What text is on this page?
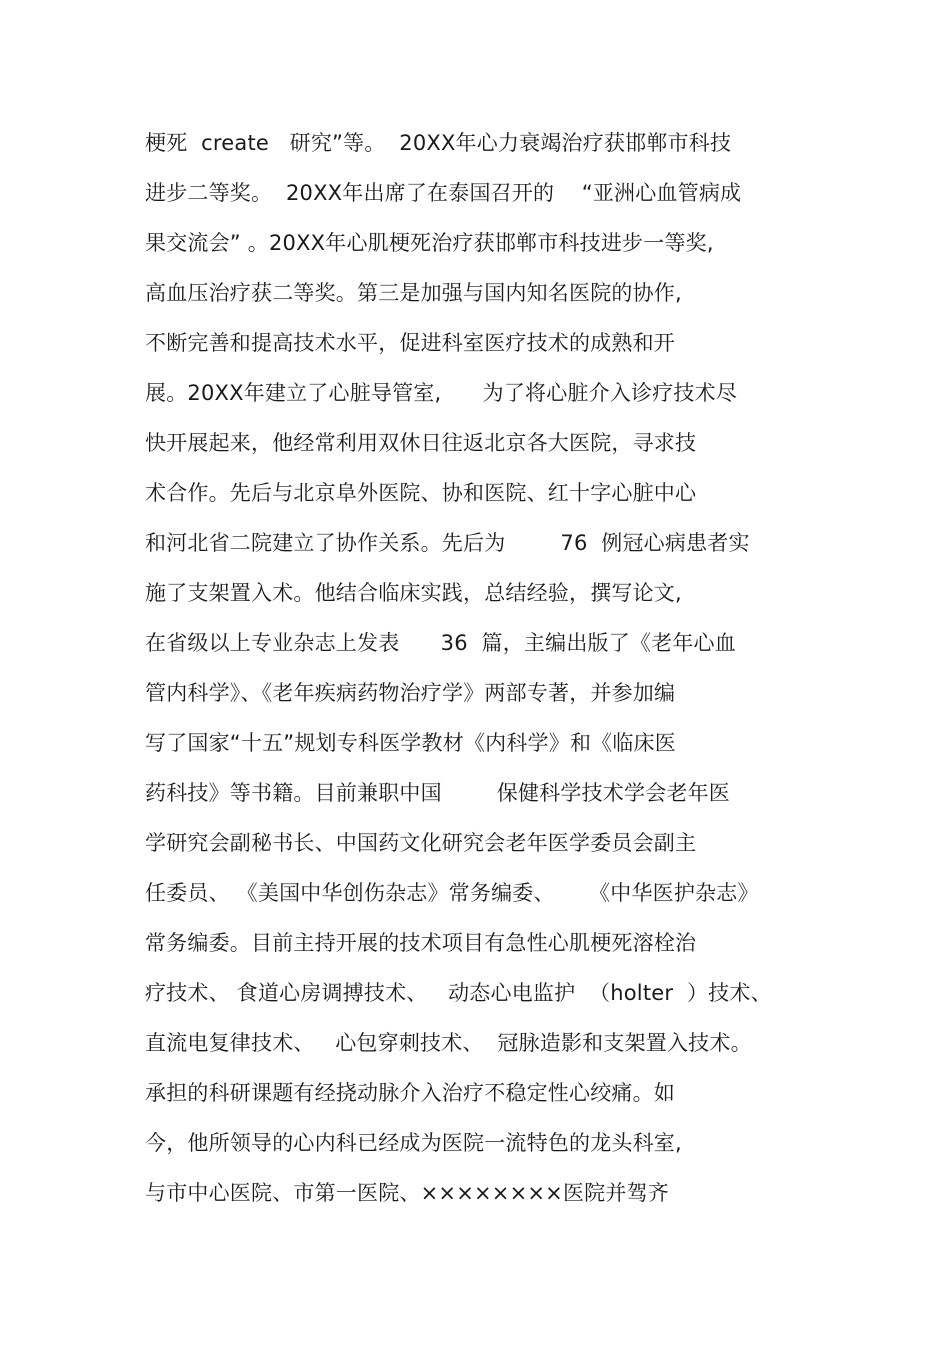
梗死  create   研究”等。  20XX年心力衰竭治疗获邯郸市科技
进步二等奖。  20XX年出席了在泰国召开的    “亚洲心血管病成
果交流会” 。20XX年心肌梗死治疗获邯郸市科技进步一等奖,
高血压治疗获二等奖。第三是加强与国内知名医院的协作,
不断完善和提高技术水平，促进科室医疗技术的成熟和开
展。20XX年建立了心脏导管室,      为了将心脏介入诊疗技术尽
快开展起来，他经常利用双休日往返北京各大医院，寻求技
术合作。先后与北京阜外医院、协和医院、红十字心脏中心
和河北省二院建立了协作关系。先后为        76  例冠心病患者实
施了支架置入术。他结合临床实践，总结经验，撰写论文,
在省级以上专业杂志上发表      36  篇，主编出版了《老年心血
管内科学》、《老年疾病药物治疗学》两部专著，并参加编
写了国家“十五”规划专科医学教材《内科学》和《临床医
药科技》等书籍。目前兼职中国        保健科学技术学会老年医
学研究会副秘书长、中国药文化研究会老年医学委员会副主
任委员、 《美国中华创伤杂志》常务编委、     《中华医护杂志》
常务编委。目前主持开展的技术项目有急性心肌梗死溶栓治
疗技术、 食道心房调搏技术、   动态心电监护  （holter  ）技术、
直流电复律技术、   心包穿刺技术、  冠脉造影和支架置入技术。
承担的科研课题有经挠动脉介入治疗不稳定性心绞痛。如
今，他所领导的心内科已经成为医院一流特色的龙头科室,
与市中心医院、市第一医院、××××××××医院并驾齐
